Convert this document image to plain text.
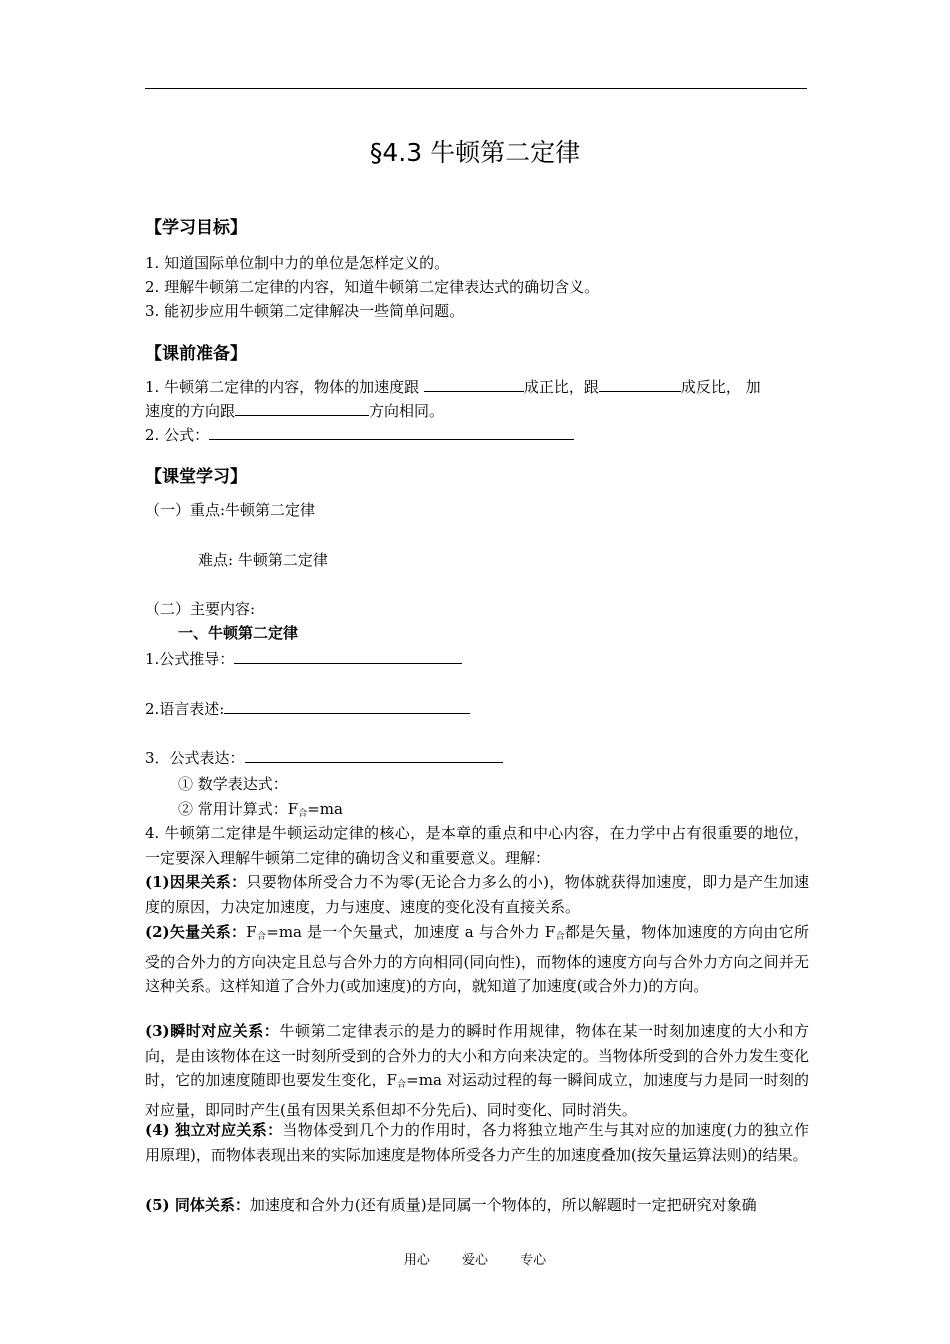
§4.3 牛顿第二定律
【学习目标】
1. 知道国际单位制中力的单位是怎样定义的。
2. 理解牛顿第二定律的内容，知道牛顿第二定律表达式的确切含义。
3. 能初步应用牛顿第二定律解决一些简单问题。
【课前准备】
1. 牛顿第二定律的内容，物体的加速度跟	成正比，跟	成反比， 加
速度的方向跟	方向相同。
2. 公式：
【课堂学习】
（一）重点:牛顿第二定律
难点: 牛顿第二定律
（二）主要内容:
一、牛顿第二定律
1.公式推导：
2.语言表述:
3．公式表达：
① 数学表达式：
② 常用计算式：$F_合=ma$
4. 牛顿第二定律是牛顿运动定律的核心，是本章的重点和中心内容，在力学中占有很重要的地位，一定要深入理解牛顿第二定律的确切含义和重要意义。理解：
(1)因果关系：只要物体所受合力不为零(无论合力多么的小)，物体就获得加速度，即力是产生加速度的原因，力决定加速度，力与速度、速度的变化没有直接关系。
(2)矢量关系：$F_合=ma$ 是一个矢量式，加速度 a 与合外力 $F_合$都是矢量，物体加速度的方向由它所受的合外力的方向决定且总与合外力的方向相同(同向性)，而物体的速度方向与合外力方向之间并无这种关系。这样知道了合外力(或加速度)的方向，就知道了加速度(或合外力)的方向。
(3)瞬时对应关系：牛顿第二定律表示的是力的瞬时作用规律，物体在某一时刻加速度的大小和方向，是由该物体在这一时刻所受到的合外力的大小和方向来决定的。当物体所受到的合外力发生变化时，它的加速度随即也要发生变化，$F_合=ma$ 对运动过程的每一瞬间成立，加速度与力是同一时刻的对应量，即同时产生(虽有因果关系但却不分先后)、同时变化、同时消失。
(4) 独立对应关系：当物体受到几个力的作用时，各力将独立地产生与其对应的加速度(力的独立作用原理)，而物体表现出来的实际加速度是物体所受各力产生的加速度叠加(按矢量运算法则)的结果。
(5) 同体关系：加速度和合外力(还有质量)是同属一个物体的，所以解题时一定把研究对象确
用心 爱心 专心
